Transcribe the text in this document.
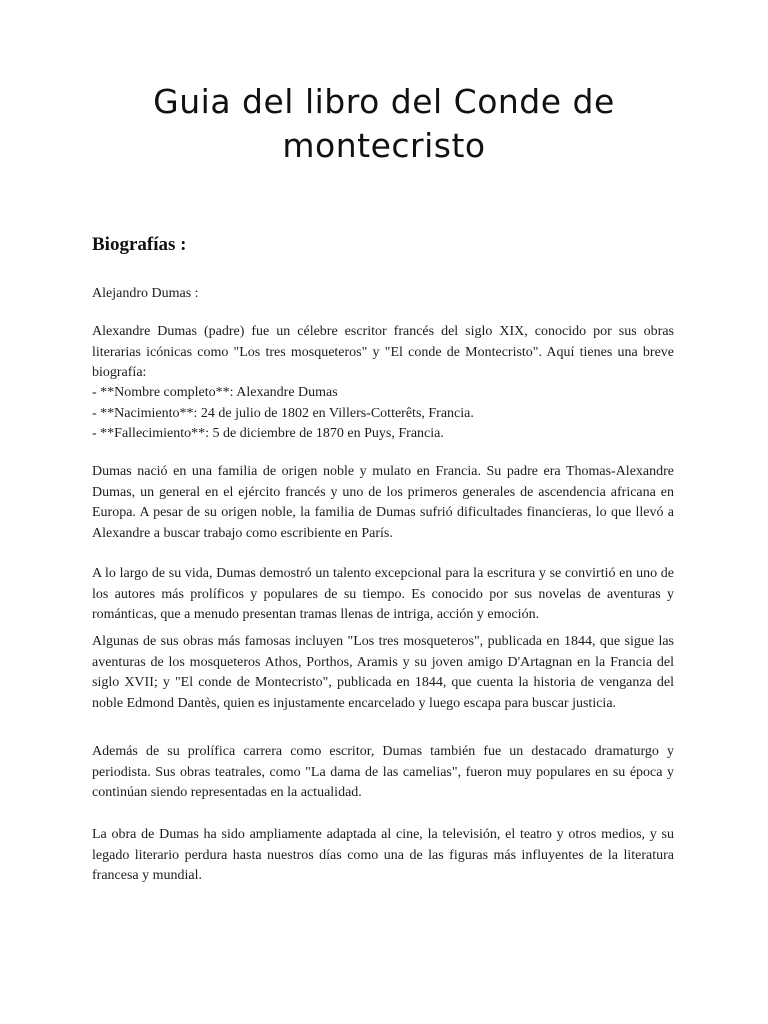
Guia del libro del Conde de montecristo
Biografías :

Alejandro Dumas :

Alexandre Dumas (padre) fue un célebre escritor francés del siglo XIX, conocido por sus obras literarias icónicas como "Los tres mosqueteros" y "El conde de Montecristo". Aquí tienes una breve biografía:

- **Nombre completo**: Alexandre Dumas
- **Nacimiento**: 24 de julio de 1802 en Villers-Cotterêts, Francia.
- **Fallecimiento**: 5 de diciembre de 1870 en Puys, Francia.

Dumas nació en una familia de origen noble y mulato en Francia. Su padre era Thomas-Alexandre Dumas, un general en el ejército francés y uno de los primeros generales de ascendencia africana en Europa. A pesar de su origen noble, la familia de Dumas sufrió dificultades financieras, lo que llevó a Alexandre a buscar trabajo como escribiente en París.

A lo largo de su vida, Dumas demostró un talento excepcional para la escritura y se convirtió en uno de los autores más prolíficos y populares de su tiempo. Es conocido por sus novelas de aventuras y románticas, que a menudo presentan tramas llenas de intriga, acción y emoción.

Algunas de sus obras más famosas incluyen "Los tres mosqueteros", publicada en 1844, que sigue las aventuras de los mosqueteros Athos, Porthos, Aramis y su joven amigo D'Artagnan en la Francia del siglo XVII; y "El conde de Montecristo", publicada en 1844, que cuenta la historia de venganza del noble Edmond Dantès, quien es injustamente encarcelado y luego escapa para buscar justicia.

Además de su prolífica carrera como escritor, Dumas también fue un destacado dramaturgo y periodista. Sus obras teatrales, como "La dama de las camelias", fueron muy populares en su época y continúan siendo representadas en la actualidad.

La obra de Dumas ha sido ampliamente adaptada al cine, la televisión, el teatro y otros medios, y su legado literario perdura hasta nuestros días como una de las figuras más influyentes de la literatura francesa y mundial.
